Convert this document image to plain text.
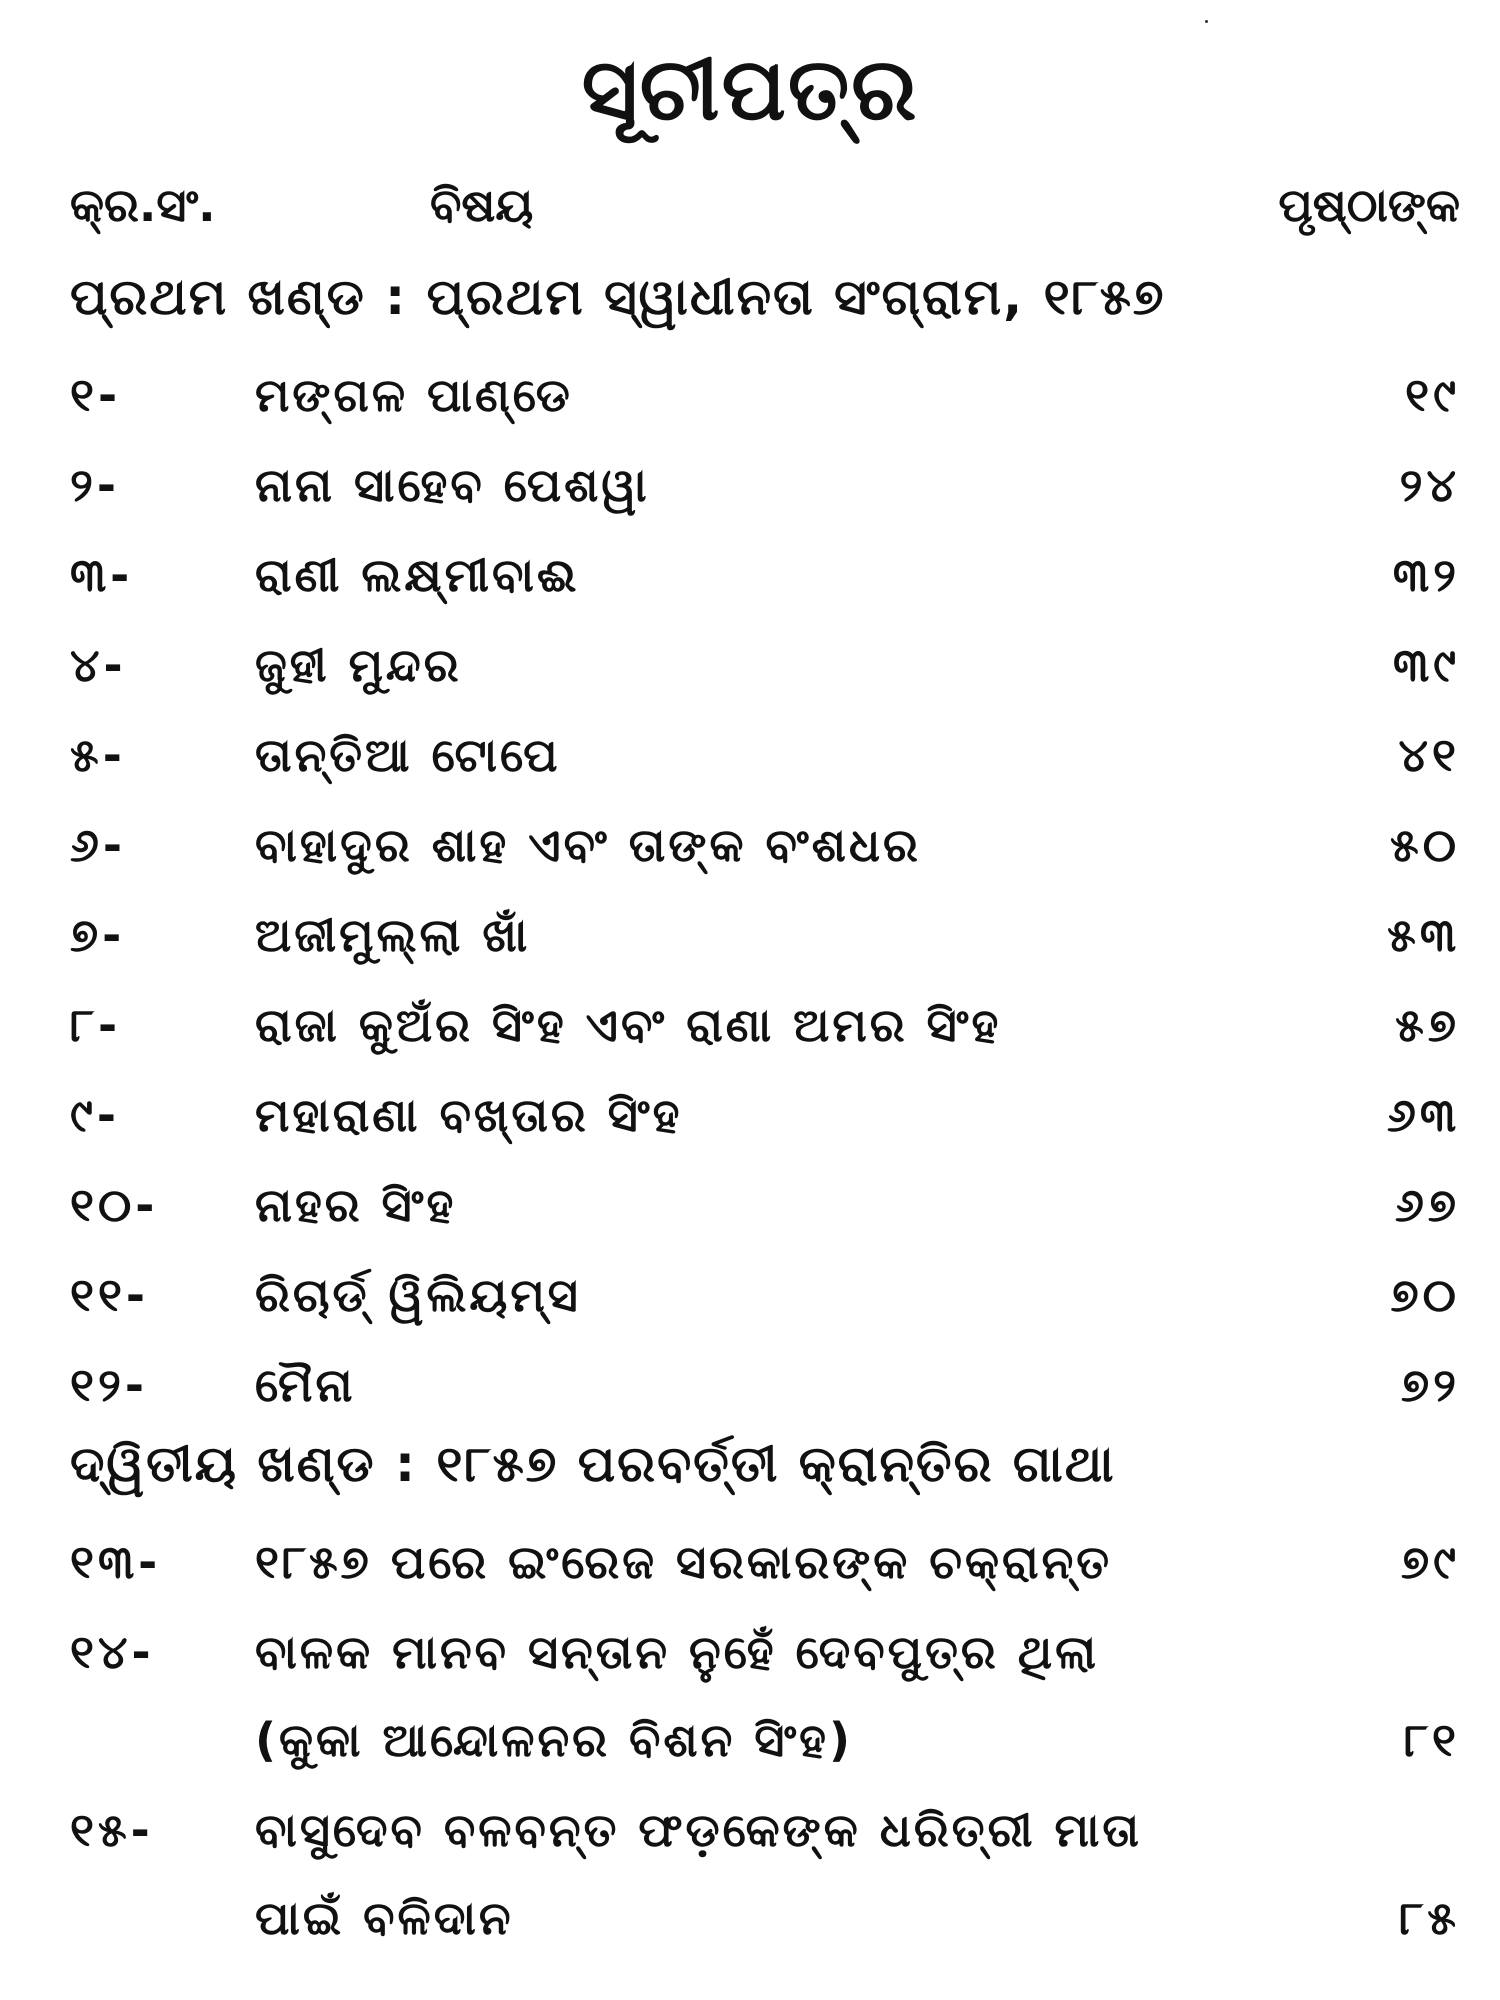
ସୂଚୀପତ୍ର
କ୍ର.ସଂ.	ବିଷୟ	ପୃଷ୍ଠାଙ୍କ
ପ୍ରଥମ ଖଣ୍ଡ : ପ୍ରଥମ ସ୍ୱାଧୀନତା ସଂଗ୍ରାମ, ୧୮୫୭
୧-	ମଙ୍ଗଳ ପାଣ୍ଡେ	୧୯
୨-	ନାନା ସାହେବ ପେଶୱା	୨୪
୩-	ରାଣୀ ଲକ୍ଷ୍ମୀବାଈ	୩୨
୪-	ଜୁହୀ ମୁନ୍ଦର	୩୯
୫-	ତାନ୍ତିଆ ଟୋପେ	୪୧
୬-	ବାହାଦୁର ଶାହ ଏବଂ ତାଙ୍କ ବଂଶଧର	୫୦
୭-	ଅଜୀମୁଲ୍ଲା ଖାଁ	୫୩
୮-	ରାଜା କୁଅଁର ସିଂହ ଏବଂ ରାଣା ଅମର ସିଂହ	୫୭
୯-	ମହାରାଣା ବଖ୍ତାର ସିଂହ	୬୩
୧୦- ନାହର ସିଂହ	୬୭
୧୧- ରିଚାର୍ଡ୍ ୱିଲିୟମ୍ସ	୭୦
୧୨- ମୈନା	୭୨
ଦ୍ୱିତୀୟ ଖଣ୍ଡ : ୧୮୫୭ ପରବର୍ତ୍ତୀ କ୍ରାନ୍ତିର ଗାଥା
୧୩- ୧୮୫୭ ପରେ ଇଂରେଜ ସରକାରଙ୍କ ଚକ୍ରାନ୍ତ	୭୯
୧୪- ବାଳକ ମାନବ ସନ୍ତାନ ନୁହେଁ ଦେବପୁତ୍ର ଥିଲା
(କୁକା ଆନ୍ଦୋଳନର ବିଶନ ସିଂହ)	୮୧
୧୫- ବାସୁଦେବ ବଳବନ୍ତ ଫଡ଼କେଙ୍କ ଧରିତ୍ରୀ ମାତା
ପାଇଁ ବଳିଦାନ	୮୫
